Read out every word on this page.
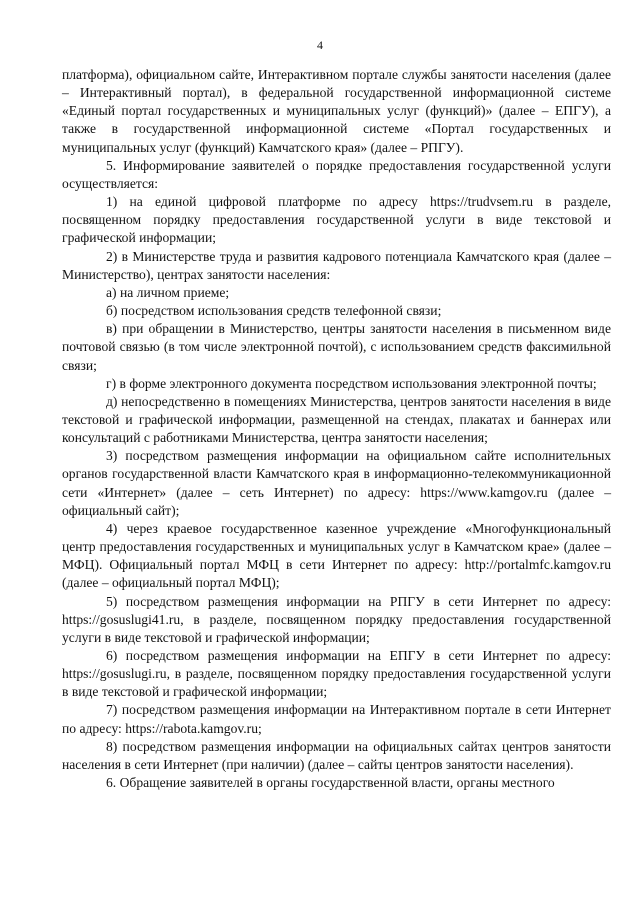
4

платформа), официальном сайте, Интерактивном портале службы занятости населения (далее – Интерактивный портал), в федеральной государственной информационной системе «Единый портал государственных и муниципальных услуг (функций)» (далее – ЕПГУ), а также в государственной информационной системе «Портал государственных и муниципальных услуг (функций) Камчатского края» (далее – РПГУ).

5. Информирование заявителей о порядке предоставления государственной услуги осуществляется:

1) на единой цифровой платформе по адресу https://trudvsem.ru в разделе, посвященном порядку предоставления государственной услуги в виде текстовой и графической информации;

2) в Министерстве труда и развития кадрового потенциала Камчатского края (далее – Министерство), центрах занятости населения:

а) на личном приеме;

б) посредством использования средств телефонной связи;

в) при обращении в Министерство, центры занятости населения в письменном виде почтовой связью (в том числе электронной почтой), с использованием средств факсимильной связи;

г) в форме электронного документа посредством использования электронной почты;

д) непосредственно в помещениях Министерства, центров занятости населения в виде текстовой и графической информации, размещенной на стендах, плакатах и баннерах или консультаций с работниками Министерства, центра занятости населения;

3) посредством размещения информации на официальном сайте исполнительных органов государственной власти Камчатского края в информационно-телекоммуникационной сети «Интернет» (далее – сеть Интернет) по адресу: https://www.kamgov.ru (далее – официальный сайт);

4) через краевое государственное казенное учреждение «Многофункциональный центр предоставления государственных и муниципальных услуг в Камчатском крае» (далее – МФЦ). Официальный портал МФЦ в сети Интернет по адресу: http://portalmfc.kamgov.ru (далее – официальный портал МФЦ);

5) посредством размещения информации на РПГУ в сети Интернет по адресу: https://gosuslugi41.ru, в разделе, посвященном порядку предоставления государственной услуги в виде текстовой и графической информации;

6) посредством размещения информации на ЕПГУ в сети Интернет по адресу: https://gosuslugi.ru, в разделе, посвященном порядку предоставления государственной услуги в виде текстовой и графической информации;

7) посредством размещения информации на Интерактивном портале в сети Интернет по адресу: https://rabota.kamgov.ru;

8) посредством размещения информации на официальных сайтах центров занятости населения в сети Интернет (при наличии) (далее – сайты центров занятости населения).

6. Обращение заявителей в органы государственной власти, органы местного
